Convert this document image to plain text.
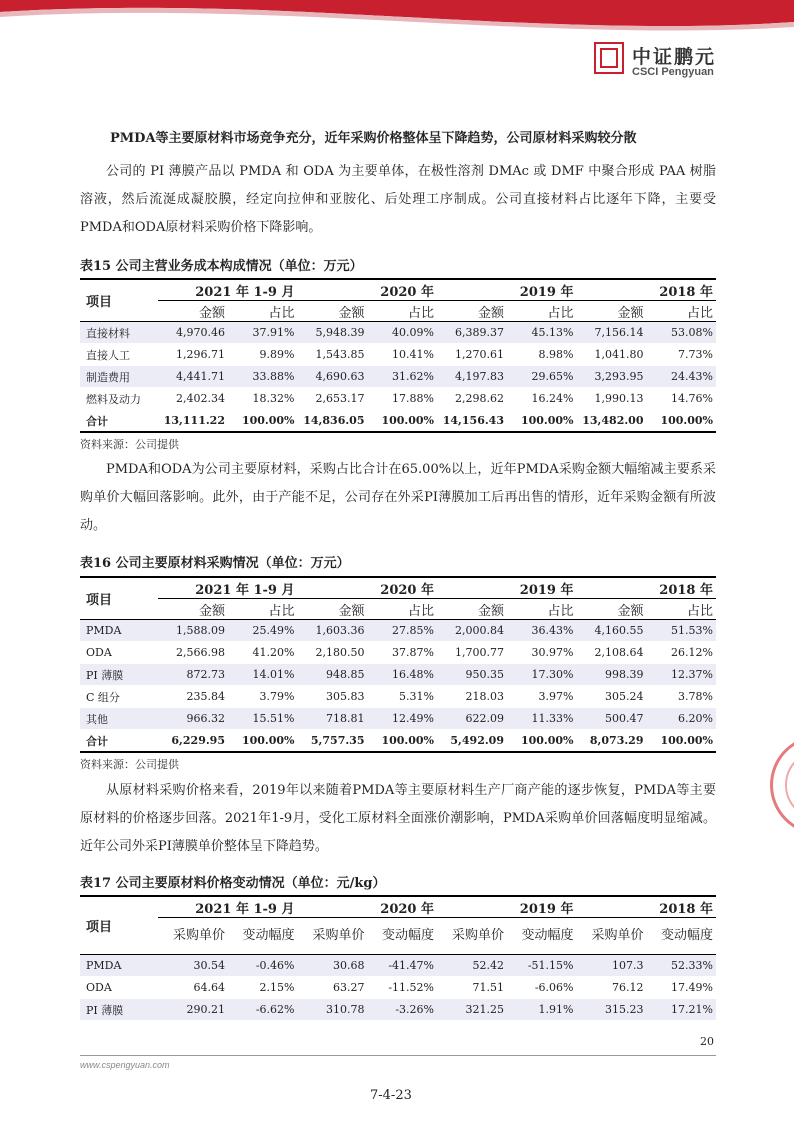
中证鹏元
CSCI Pengyuan
PMDA等主要原材料市场竞争充分，近年采购价格整体呈下降趋势，公司原材料采购较分散
公司的 PI 薄膜产品以 PMDA 和 ODA 为主要单体，在极性溶剂 DMAc 或 DMF 中聚合形成 PAA 树脂溶液，然后流涎成凝胶膜，经定向拉伸和亚胺化、后处理工序制成。公司直接材料占比逐年下降，主要受PMDA和ODA原材料采购价格下降影响。
表15 公司主营业务成本构成情况（单位：万元）
项目	2021 年 1-9 月		2020 年		2019 年		2018 年	
	金额	占比	金额	占比	金额	占比	金额	占比
直接材料	4,970.46	37.91%	5,948.39	40.09%	6,389.37	45.13%	7,156.14	53.08%
直接人工	1,296.71	9.89%	1,543.85	10.41%	1,270.61	8.98%	1,041.80	7.73%
制造费用	4,441.71	33.88%	4,690.63	31.62%	4,197.83	29.65%	3,293.95	24.43%
燃料及动力	2,402.34	18.32%	2,653.17	17.88%	2,298.62	16.24%	1,990.13	14.76%
合计	13,111.22	100.00%	14,836.05	100.00%	14,156.43	100.00%	13,482.00	100.00%
资料来源：公司提供
PMDA和ODA为公司主要原材料，采购占比合计在65.00%以上，近年PMDA采购金额大幅缩减主要系采购单价大幅回落影响。此外，由于产能不足，公司存在外采PI薄膜加工后再出售的情形，近年采购金额有所波动。
表16 公司主要原材料采购情况（单位：万元）
项目	2021 年 1-9 月		2020 年		2019 年		2018 年	
	金额	占比	金额	占比	金额	占比	金额	占比
PMDA	1,588.09	25.49%	1,603.36	27.85%	2,000.84	36.43%	4,160.55	51.53%
ODA	2,566.98	41.20%	2,180.50	37.87%	1,700.77	30.97%	2,108.64	26.12%
PI 薄膜	872.73	14.01%	948.85	16.48%	950.35	17.30%	998.39	12.37%
C 组分	235.84	3.79%	305.83	5.31%	218.03	3.97%	305.24	3.78%
其他	966.32	15.51%	718.81	12.49%	622.09	11.33%	500.47	6.20%
合计	6,229.95	100.00%	5,757.35	100.00%	5,492.09	100.00%	8,073.29	100.00%
资料来源：公司提供
从原材料采购价格来看，2019年以来随着PMDA等主要原材料生产厂商产能的逐步恢复，PMDA等主要原材料的价格逐步回落。2021年1-9月，受化工原材料全面涨价潮影响，PMDA采购单价回落幅度明显缩减。近年公司外采PI薄膜单价整体呈下降趋势。
表17 公司主要原材料价格变动情况（单位：元/kg）
项目	2021 年 1-9 月		2020 年		2019 年		2018 年	
	采购单价	变动幅度	采购单价	变动幅度	采购单价	变动幅度	采购单价	变动幅度
PMDA	30.54	-0.46%	30.68	-41.47%	52.42	-51.15%	107.3	52.33%
ODA	64.64	2.15%	63.27	-11.52%	71.51	-6.06%	76.12	17.49%
PI 薄膜	290.21	-6.62%	310.78	-3.26%	321.25	1.91%	315.23	17.21%
20
www.cspengyuan.com
7-4-23
